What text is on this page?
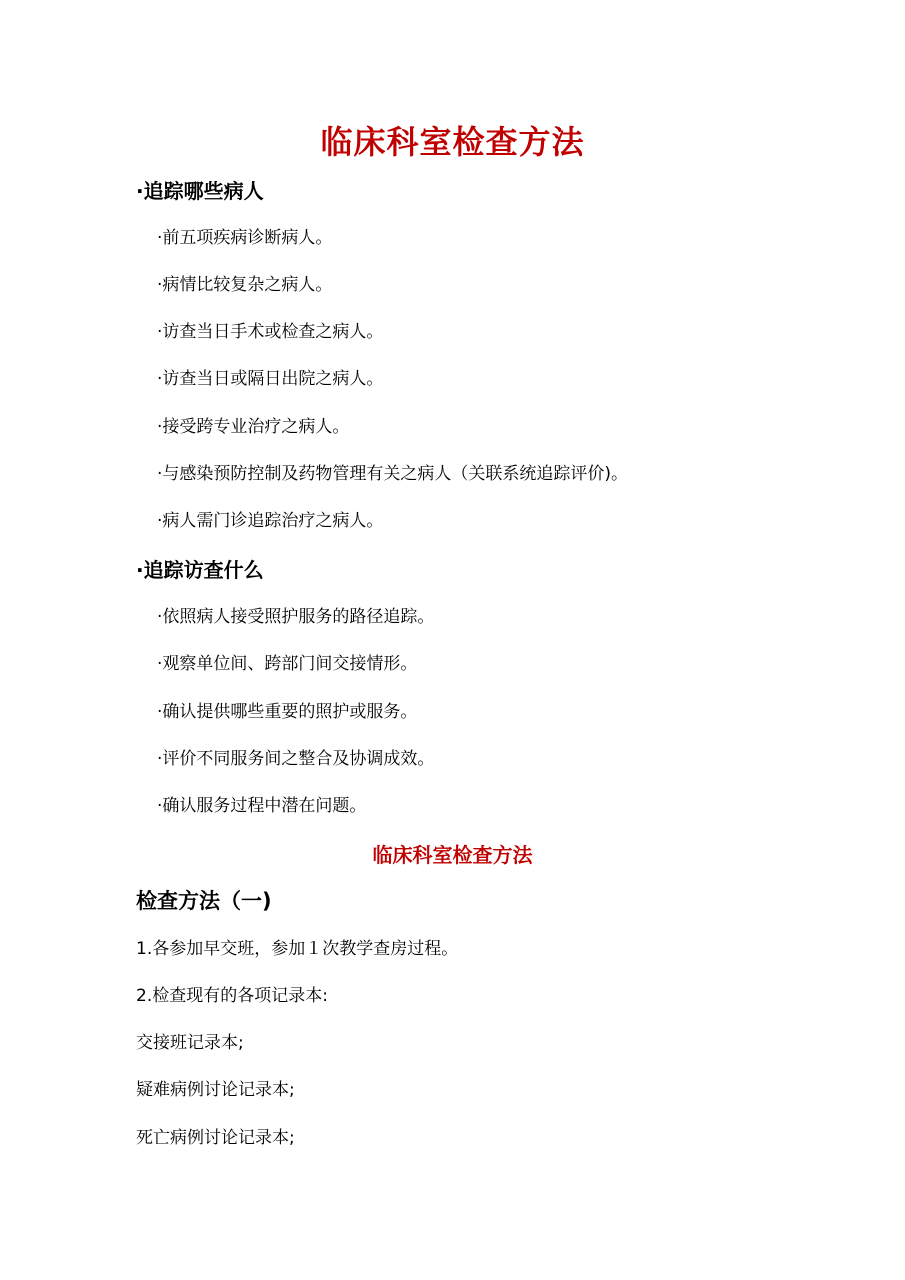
临床科室检查方法
·追踪哪些病人

·前五项疾病诊断病人。

·病情比较复杂之病人。

·访查当日手术或检查之病人。

·访查当日或隔日出院之病人。

·接受跨专业治疗之病人。

·与感染预防控制及药物管理有关之病人（关联系统追踪评价)。

·病人需门诊追踪治疗之病人。

·追踪访查什么

·依照病人接受照护服务的路径追踪。

·观察单位间、跨部门间交接情形。

·确认提供哪些重要的照护或服务。

·评价不同服务间之整合及协调成效。

·确认服务过程中潜在问题。

临床科室检查方法
检查方法（一)

1.各参加早交班，参加１次教学查房过程。

2.检查现有的各项记录本:

交接班记录本;

疑难病例讨论记录本;

死亡病例讨论记录本;
